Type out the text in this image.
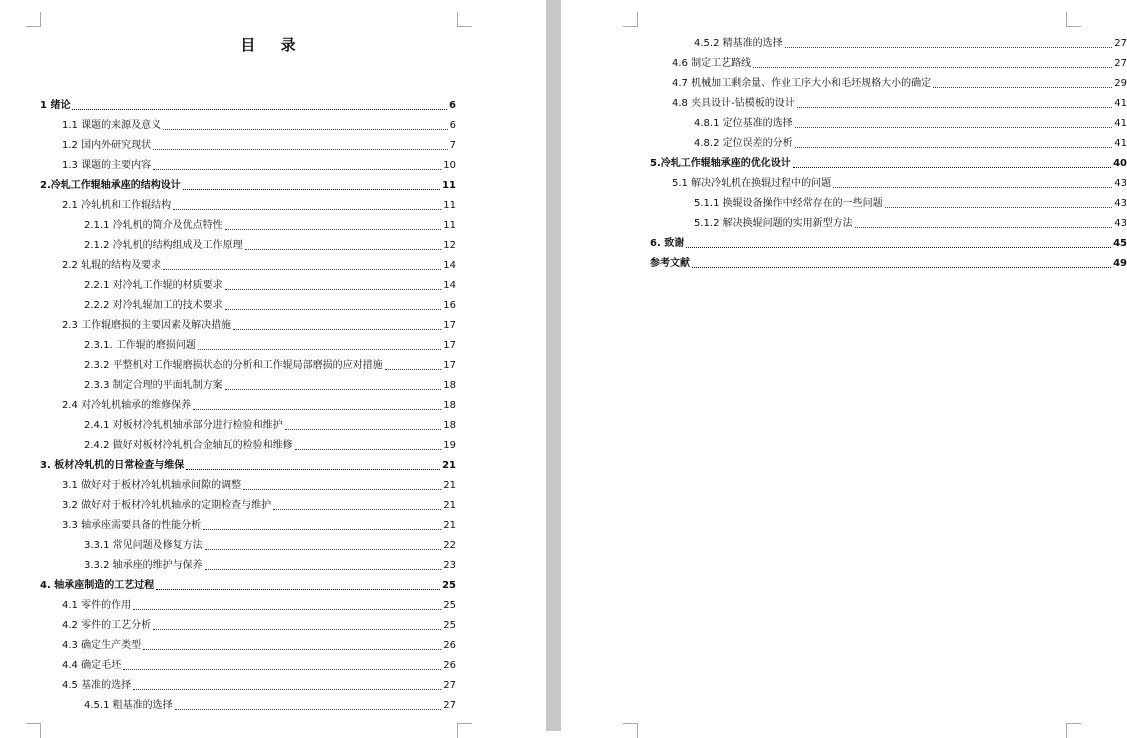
目 录
1 绪论	6
1.1 课题的来源及意义	6
1.2 国内外研究现状	7
1.3 课题的主要内容	10
2.冷轧工作辊轴承座的结构设计	11
2.1 冷轧机和工作辊结构	11
2.1.1 冷轧机的简介及优点特性	11
2.1.2 冷轧机的结构组成及工作原理	12
2.2 轧辊的结构及要求	14
2.2.1 对冷轧工作辊的材质要求	14
2.2.2 对冷轧辊加工的技术要求	16
2.3 工作辊磨损的主要因素及解决措施	17
2.3.1. 工作辊的磨损问题	17
2.3.2 平整机对工作辊磨损状态的分析和工作辊局部磨损的应对措施	17
2.3.3 制定合理的平面轧制方案	18
2.4 对冷轧机轴承的维修保养	18
2.4.1 对板材冷轧机轴承部分进行检验和维护	18
2.4.2 做好对板材冷轧机合金轴瓦的检验和维修	19
3. 板材冷轧机的日常检查与维保	21
3.1 做好对于板材冷轧机轴承间隙的调整	21
3.2 做好对于板材冷轧机轴承的定期检查与维护	21
3.3 轴承座需要具备的性能分析	21
3.3.1 常见问题及修复方法	22
3.3.2 轴承座的维护与保养	23
4. 轴承座制造的工艺过程	25
4.1 零件的作用	25
4.2 零件的工艺分析	25
4.3 确定生产类型	26
4.4 确定毛坯	26
4.5 基准的选择	27
4.5.1 粗基准的选择	27
4.5.2 精基准的选择	27
4.6 制定工艺路线	27
4.7 机械加工剩余量、作业工序大小和毛坯规格大小的确定	29
4.8 夹具设计-钻模板的设计	41
4.8.1 定位基准的选择	41
4.8.2 定位误差的分析	41
5.冷轧工作辊轴承座的优化设计	40
5.1 解决冷轧机在换辊过程中的问题	43
5.1.1 换辊设备操作中经常存在的一些问题	43
5.1.2 解决换辊问题的实用新型方法	43
6. 致谢	45
参考文献	49
